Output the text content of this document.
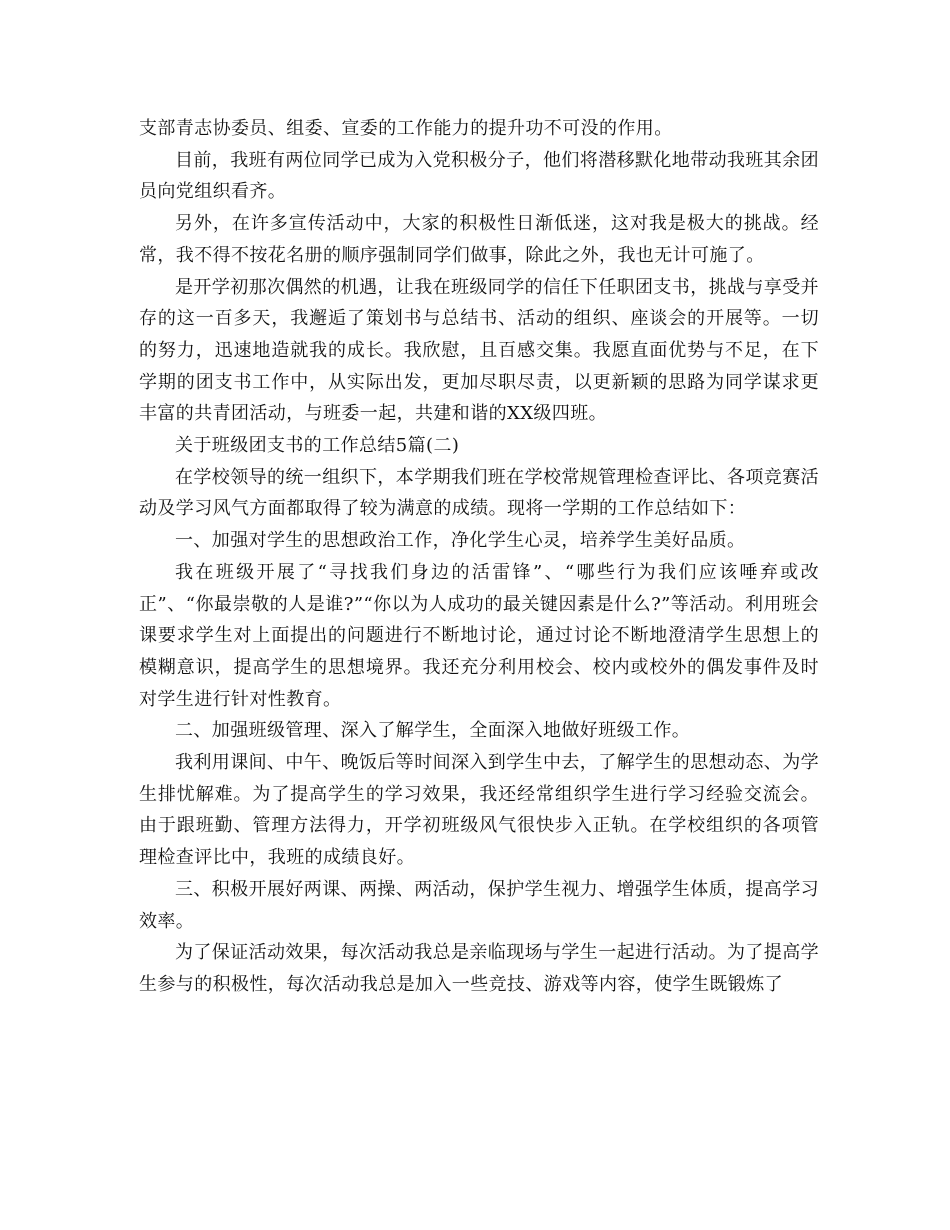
支部青志协委员、组委、宣委的工作能力的提升功不可没的作用。

目前，我班有两位同学已成为入党积极分子，他们将潜移默化地带动我班其余团员向党组织看齐。

另外，在许多宣传活动中，大家的积极性日渐低迷，这对我是极大的挑战。经常，我不得不按花名册的顺序强制同学们做事，除此之外，我也无计可施了。

是开学初那次偶然的机遇，让我在班级同学的信任下任职团支书，挑战与享受并存的这一百多天，我邂逅了策划书与总结书、活动的组织、座谈会的开展等。一切的努力，迅速地造就我的成长。我欣慰，且百感交集。我愿直面优势与不足，在下学期的团支书工作中，从实际出发，更加尽职尽责，以更新颖的思路为同学谋求更丰富的共青团活动，与班委一起，共建和谐的XX级四班。

关于班级团支书的工作总结5篇(二)

在学校领导的统一组织下，本学期我们班在学校常规管理检查评比、各项竞赛活动及学习风气方面都取得了较为满意的成绩。现将一学期的工作总结如下：

一、加强对学生的思想政治工作，净化学生心灵，培养学生美好品质。

我在班级开展了“寻找我们身边的活雷锋”、“哪些行为我们应该唾弃或改正”、“你最崇敬的人是谁?”“你以为人成功的最关键因素是什么?”等活动。利用班会课要求学生对上面提出的问题进行不断地讨论，通过讨论不断地澄清学生思想上的模糊意识，提高学生的思想境界。我还充分利用校会、校内或校外的偶发事件及时对学生进行针对性教育。

二、加强班级管理、深入了解学生，全面深入地做好班级工作。

我利用课间、中午、晚饭后等时间深入到学生中去，了解学生的思想动态、为学生排忧解难。为了提高学生的学习效果，我还经常组织学生进行学习经验交流会。由于跟班勤、管理方法得力，开学初班级风气很快步入正轨。在学校组织的各项管理检查评比中，我班的成绩良好。

三、积极开展好两课、两操、两活动，保护学生视力、增强学生体质，提高学习效率。

为了保证活动效果，每次活动我总是亲临现场与学生一起进行活动。为了提高学生参与的积极性，每次活动我总是加入一些竞技、游戏等内容，使学生既锻炼了
